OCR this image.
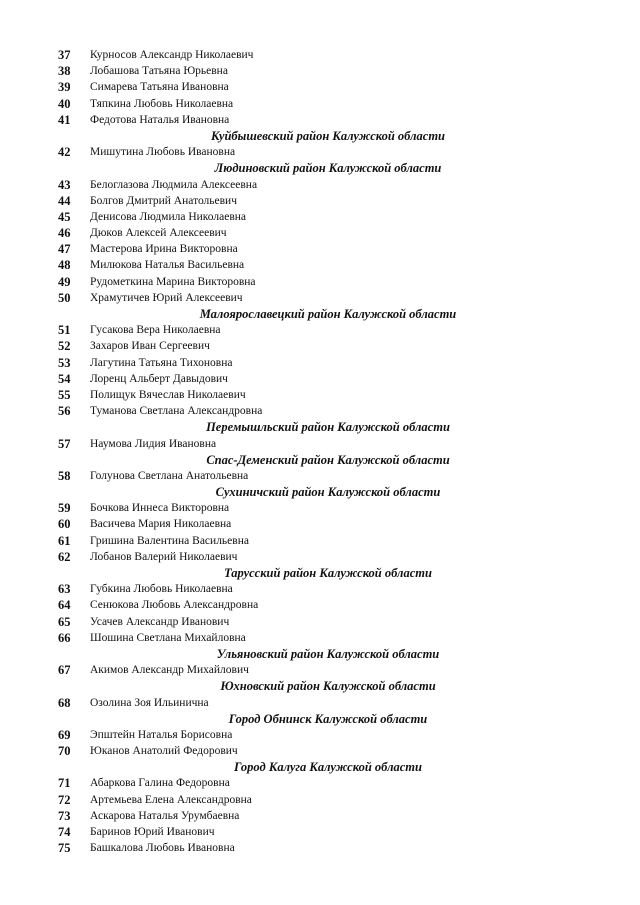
37	Курносов Александр Николаевич
38	Лобашова Татьяна Юрьевна
39	Симарева Татьяна Ивановна
40	Тяпкина Любовь Николаевна
41	Федотова Наталья Ивановна
Куйбышевский район Калужской области
42	Мишутина Любовь Ивановна
Людиновский район Калужской области
43	Белоглазова Людмила Алексеевна
44	Болгов Дмитрий Анатольевич
45	Денисова Людмила Николаевна
46	Дюков Алексей Алексеевич
47	Мастерова Ирина Викторовна
48	Милюкова Наталья Васильевна
49	Рудометкина Марина Викторовна
50	Храмутичев Юрий Алексеевич
Малоярославецкий район Калужской области
51	Гусакова Вера Николаевна
52	Захаров Иван Сергеевич
53	Лагутина Татьяна Тихоновна
54	Лоренц Альберт Давыдович
55	Полищук Вячеслав Николаевич
56	Туманова Светлана Александровна
Перемышльский район Калужской области
57	Наумова Лидия Ивановна
Спас-Деменский район Калужской области
58	Голунова Светлана Анатольевна
Сухиничский район Калужской области
59	Бочкова Иннеса Викторовна
60	Васичева Мария Николаевна
61	Гришина Валентина Васильевна
62	Лобанов Валерий Николаевич
Тарусский район Калужской области
63	Губкина Любовь Николаевна
64	Сенюкова Любовь Александровна
65	Усачев Александр Иванович
66	Шошина Светлана Михайловна
Ульяновский район Калужской области
67	Акимов Александр Михайлович
Юхновский район Калужской области
68	Озолина Зоя Ильинична
Город Обнинск Калужской области
69	Эпштейн Наталья Борисовна
70	Юканов Анатолий Федорович
Город Калуга Калужской области
71	Абаркова Галина Федоровна
72	Артемьева Елена Александровна
73	Аскарова Наталья Урумбаевна
74	Баринов Юрий Иванович
75	Башкалова Любовь Ивановна
